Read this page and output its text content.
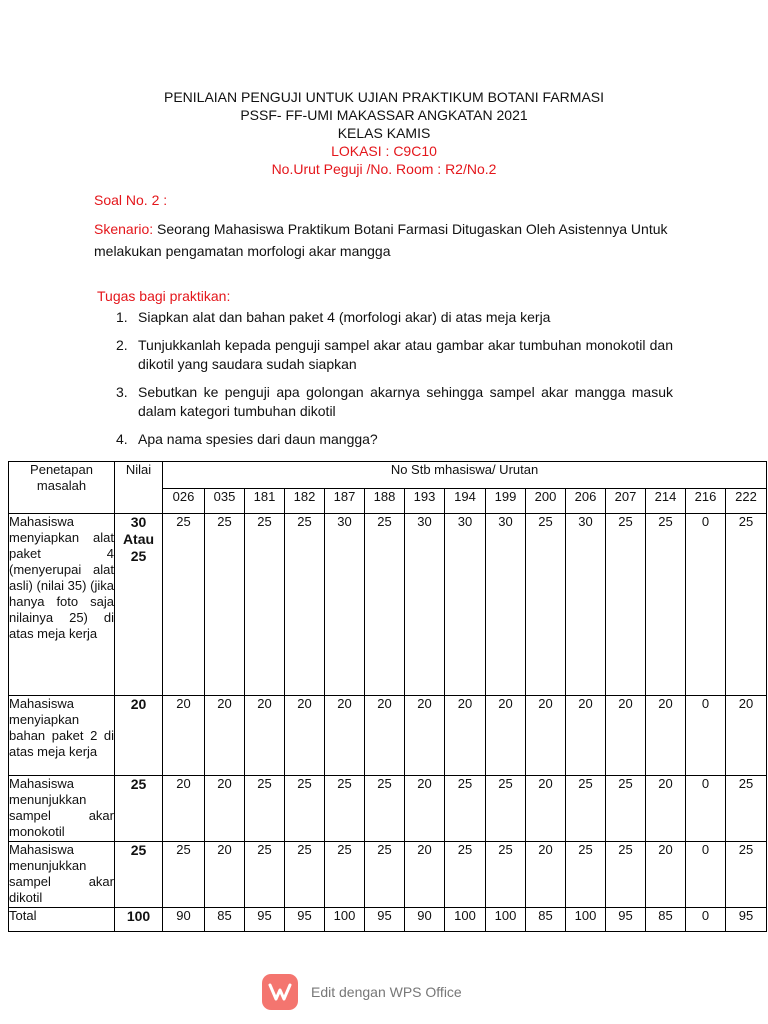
PENILAIAN PENGUJI UNTUK UJIAN PRAKTIKUM BOTANI FARMASI
PSSF- FF-UMI MAKASSAR ANGKATAN 2021
KELAS KAMIS
LOKASI : C9C10
No.Urut Peguji /No. Room : R2/No.2
Soal No. 2 :
Skenario: Seorang Mahasiswa Praktikum Botani Farmasi Ditugaskan Oleh Asistennya Untuk melakukan pengamatan morfologi akar mangga
Tugas bagi praktikan:
1. Siapkan alat dan bahan paket 4 (morfologi akar) di atas meja kerja
2. Tunjukkanlah kepada penguji sampel akar atau gambar akar tumbuhan monokotil dan dikotil yang saudara sudah siapkan
3. Sebutkan ke penguji apa golongan akarnya sehingga sampel akar mangga masuk dalam kategori tumbuhan dikotil
4. Apa nama spesies dari daun mangga?
Penetapan masalah	Nilai	No Stb mhasiswa/ Urutan														
		026	035	181	182	187	188	193	194	199	200	206	207	214	216	222
Mahasiswa menyiapkan alat paket 4 (menyerupai alat asli) (nilai 35) (jika hanya foto saja nilainya 25) di atas meja kerja	30 Atau 25	25	25	25	25	30	25	30	30	30	25	30	25	25	0	25
Mahasiswa menyiapkan bahan paket 2 di atas meja kerja	20	20	20	20	20	20	20	20	20	20	20	20	20	20	0	20
Mahasiswa menunjukkan sampel akar monokotil	25	20	20	25	25	25	25	20	25	25	20	25	25	20	0	25
Mahasiswa menunjukkan sampel akar dikotil	25	25	20	25	25	25	25	20	25	25	20	25	25	20	0	25
Total	100	90	85	95	95	100	95	90	100	100	85	100	95	85	0	95
Edit dengan WPS Office
